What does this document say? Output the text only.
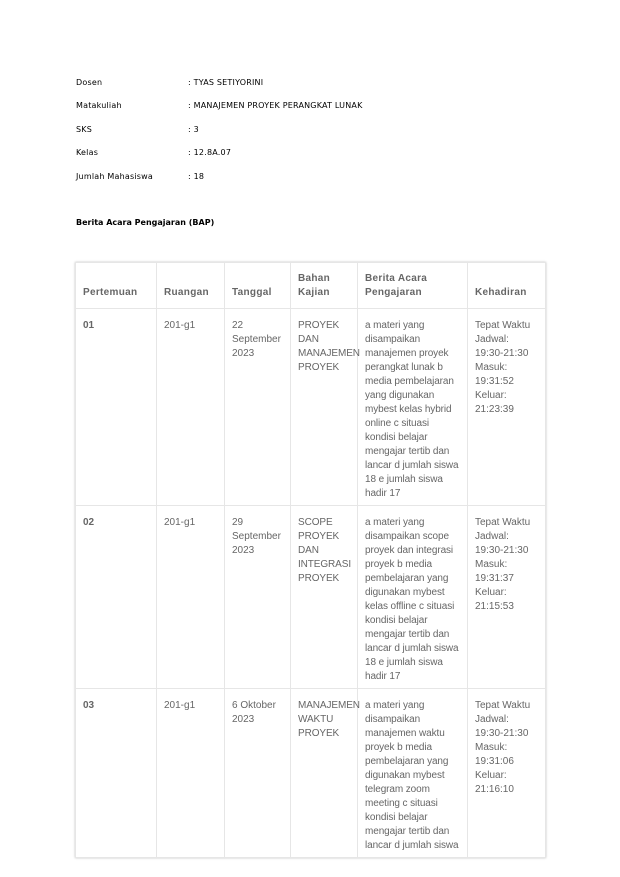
Dosen	: TYAS SETIYORINI
Matakuliah	: MANAJEMEN PROYEK PERANGKAT LUNAK
SKS	: 3
Kelas	: 12.8A.07
Jumlah Mahasiswa	: 18
Berita Acara Pengajaran (BAP)
Pertemuan	Ruangan	Tanggal	Bahan Kajian	Berita Acara Pengajaran	Kehadiran
01	201-g1	22 September 2023	PROYEK DAN MANAJEMEN PROYEK	a materi yang disampaikan manajemen proyek perangkat lunak b media pembelajaran yang digunakan mybest kelas hybrid online c situasi kondisi belajar mengajar tertib dan lancar d jumlah siswa 18 e jumlah siswa hadir 17	Tepat Waktu Jadwal: 19:30-21:30 Masuk: 19:31:52 Keluar: 21:23:39
02	201-g1	29 September 2023	SCOPE PROYEK DAN INTEGRASI PROYEK	a materi yang disampaikan scope proyek dan integrasi proyek b media pembelajaran yang digunakan mybest kelas offline c situasi kondisi belajar mengajar tertib dan lancar d jumlah siswa 18 e jumlah siswa hadir 17	Tepat Waktu Jadwal: 19:30-21:30 Masuk: 19:31:37 Keluar: 21:15:53
03	201-g1	6 Oktober 2023	MANAJEMEN WAKTU PROYEK	a materi yang disampaikan manajemen waktu proyek b media pembelajaran yang digunakan mybest telegram zoom meeting c situasi kondisi belajar mengajar tertib dan lancar d jumlah siswa	Tepat Waktu Jadwal: 19:30-21:30 Masuk: 19:31:06 Keluar: 21:16:10
